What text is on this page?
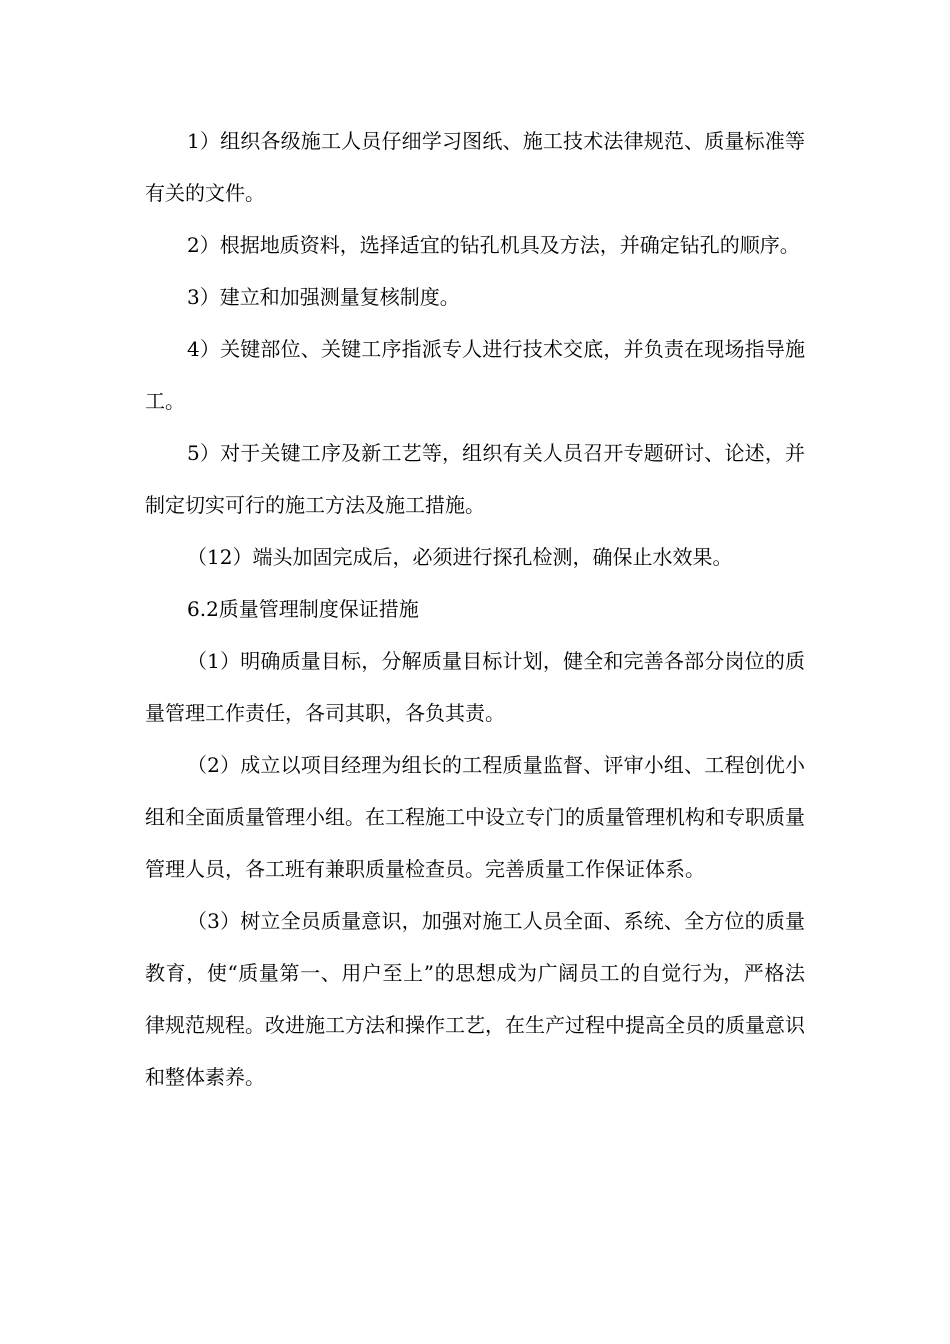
1）组织各级施工人员仔细学习图纸、施工技术法律规范、质量标准等有关的文件。

2）根据地质资料，选择适宜的钻孔机具及方法，并确定钻孔的顺序。

3）建立和加强测量复核制度。

4）关键部位、关键工序指派专人进行技术交底，并负责在现场指导施工。

5）对于关键工序及新工艺等，组织有关人员召开专题研讨、论述，并制定切实可行的施工方法及施工措施。

（12）端头加固完成后，必须进行探孔检测，确保止水效果。

6.2质量管理制度保证措施

（1）明确质量目标，分解质量目标计划，健全和完善各部分岗位的质量管理工作责任，各司其职，各负其责。

（2）成立以项目经理为组长的工程质量监督、评审小组、工程创优小组和全面质量管理小组。在工程施工中设立专门的质量管理机构和专职质量管理人员，各工班有兼职质量检查员。完善质量工作保证体系。

（3）树立全员质量意识，加强对施工人员全面、系统、全方位的质量教育，使“质量第一、用户至上”的思想成为广阔员工的自觉行为，严格法律规范规程。改进施工方法和操作工艺，在生产过程中提高全员的质量意识和整体素养。
